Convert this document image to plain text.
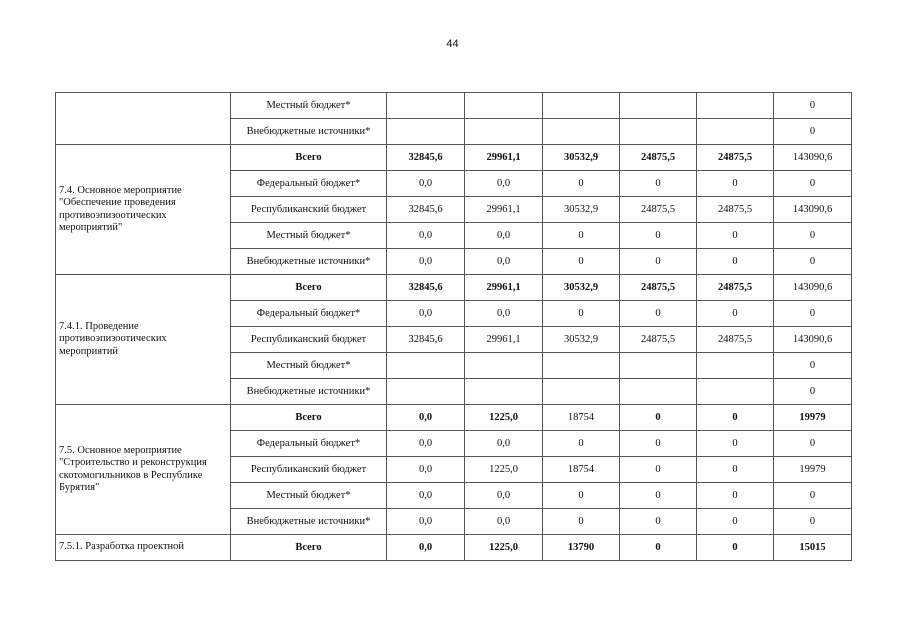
44
	Местный бюджет*						0
	Внебюджетные источники*						0
7.4. Основное мероприятие "Обеспечение проведения противоэпизоотических мероприятий"	Всего	32845,6	29961,1	30532,9	24875,5	24875,5	143090,6
	Федеральный бюджет*	0,0	0,0	0	0	0	0
	Республиканский бюджет	32845,6	29961,1	30532,9	24875,5	24875,5	143090,6
	Местный бюджет*	0,0	0,0	0	0	0	0
	Внебюджетные источники*	0,0	0,0	0	0	0	0
7.4.1. Проведение противоэпизоотических мероприятий	Всего	32845,6	29961,1	30532,9	24875,5	24875,5	143090,6
	Федеральный бюджет*	0,0	0,0	0	0	0	0
	Республиканский бюджет	32845,6	29961,1	30532,9	24875,5	24875,5	143090,6
	Местный бюджет*						0
	Внебюджетные источники*						0
7.5. Основное мероприятие "Строительство и реконструкция скотомогильников в Республике Бурятия"	Всего	0,0	1225,0	18754	0	0	19979
	Федеральный бюджет*	0,0	0,0	0	0	0	0
	Республиканский бюджет	0,0	1225,0	18754	0	0	19979
	Местный бюджет*	0,0	0,0	0	0	0	0
	Внебюджетные источники*	0,0	0,0	0	0	0	0
7.5.1. Разработка проектной	Всего	0,0	1225,0	13790	0	0	15015
